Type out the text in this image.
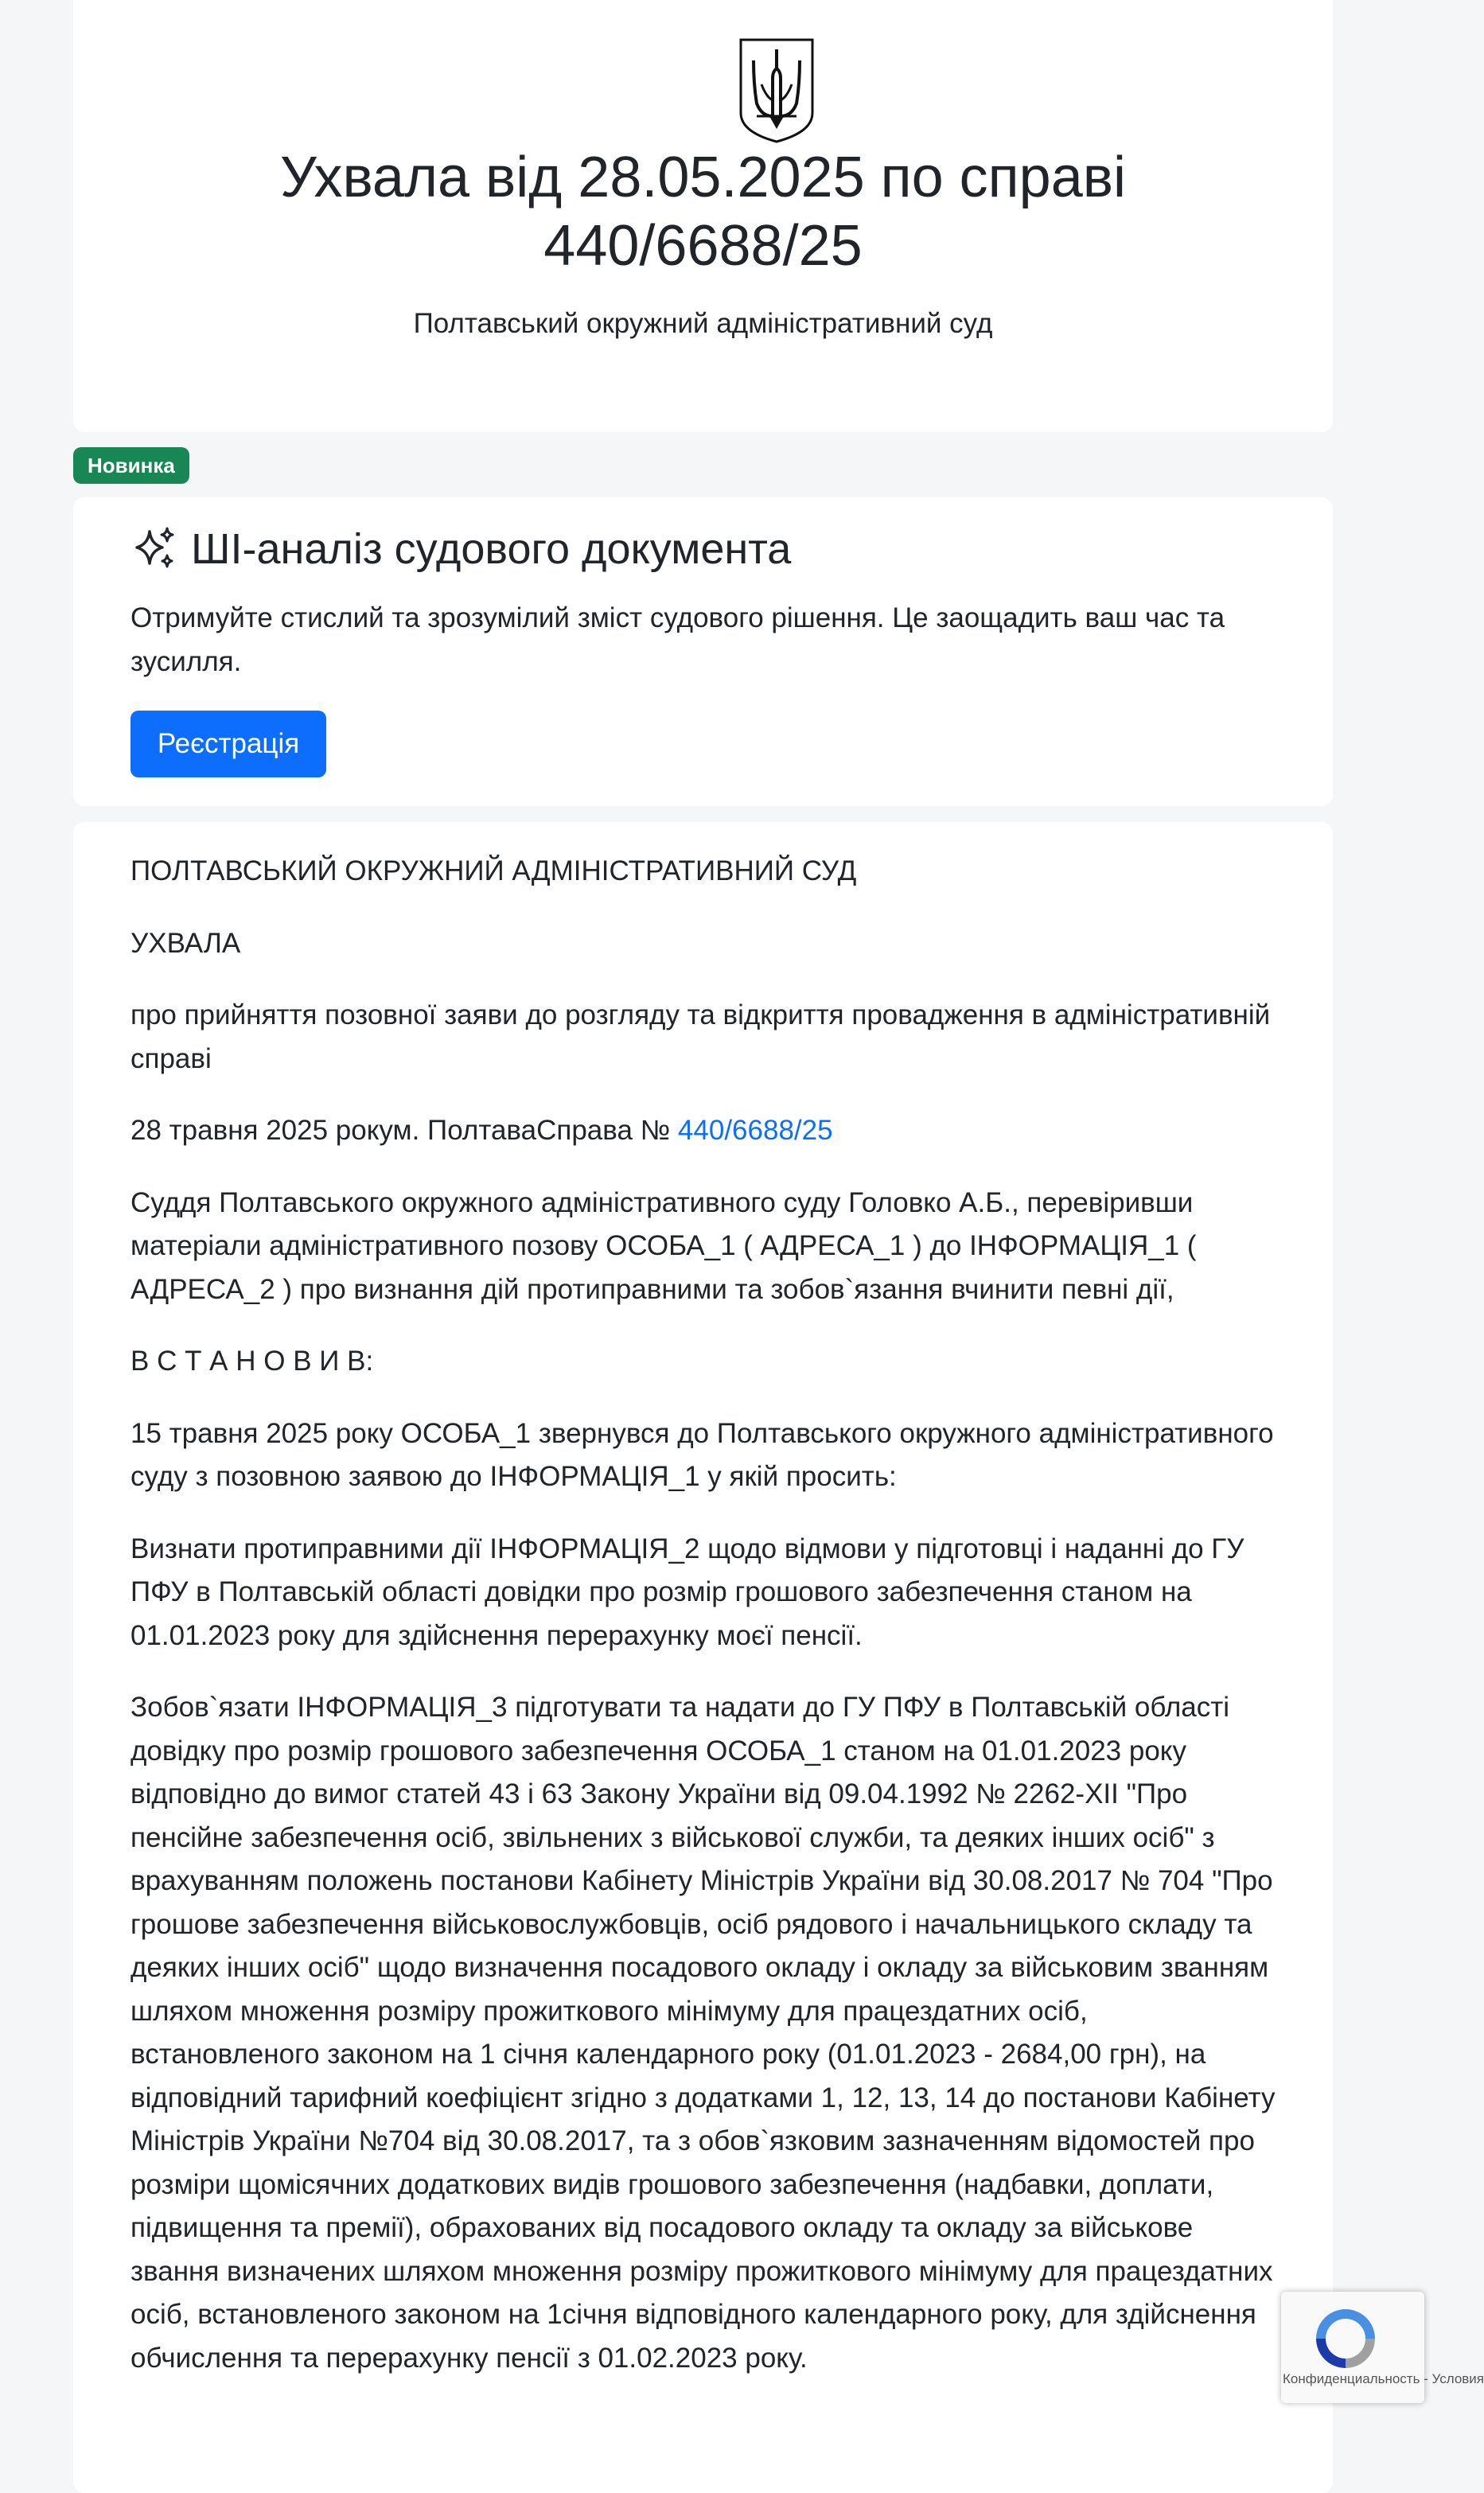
Ухвала від 28.05.2025 по справі 440/6688/25
Полтавський окружний адміністративний суд
Новинка
ШІ-аналіз судового документа
Отримуйте стислий та зрозумілий зміст судового рішення. Це заощадить ваш час та зусилля.
Реєстрація

ПОЛТАВСЬКИЙ ОКРУЖНИЙ АДМІНІСТРАТИВНИЙ СУД

УХВАЛА

про прийняття позовної заяви до розгляду та відкриття провадження в адміністративній справі

28 травня 2025 рокум. ПолтаваСправа № 440/6688/25

Суддя Полтавського окружного адміністративного суду Головко А.Б., перевіривши матеріали адміністративного позову ОСОБА_1 ( АДРЕСА_1 ) до ІНФОРМАЦІЯ_1 ( АДРЕСА_2 ) про визнання дій протиправними та зобов`язання вчинити певні дії,

В С Т А Н О В И В:

15 травня 2025 року ОСОБА_1 звернувся до Полтавського окружного адміністративного суду з позовною заявою до ІНФОРМАЦІЯ_1 у якій просить:

Визнати протиправними дії ІНФОРМАЦІЯ_2 щодо відмови у підготовці і наданні до ГУ ПФУ в Полтавській області довідки про розмір грошового забезпечення станом на 01.01.2023 року для здійснення перерахунку моєї пенсії.

Зобов`язати ІНФОРМАЦІЯ_3 підготувати та надати до ГУ ПФУ в Полтавській області довідку про розмір грошового забезпечення ОСОБА_1 станом на 01.01.2023 року відповідно до вимог статей 43 і 63 Закону України від 09.04.1992 № 2262-XII "Про пенсійне забезпечення осіб, звільнених з військової служби, та деяких інших осіб" з врахуванням положень постанови Кабінету Міністрів України від 30.08.2017 № 704 "Про грошове забезпечення військовослужбовців, осіб рядового і начальницького складу та деяких інших осіб" щодо визначення посадового окладу і окладу за військовим званням шляхом множення розміру прожиткового мінімуму для працездатних осіб, встановленого законом на 1 січня календарного року (01.01.2023 - 2684,00 грн), на відповідний тарифний коефіцієнт згідно з додатками 1, 12, 13, 14 до постанови Кабінету Міністрів України №704 від 30.08.2017, та з обов`язковим зазначенням відомостей про розміри щомісячних додаткових видів грошового забезпечення (надбавки, доплати, підвищення та премії), обрахованих від посадового окладу та окладу за військове звання визначених шляхом множення розміру прожиткового мінімуму для працездатних осіб, встановленого законом на 1січня відповідного календарного року, для здійснення обчислення та перерахунку пенсії з 01.02.2023 року.

Конфиденциальность - Условия
